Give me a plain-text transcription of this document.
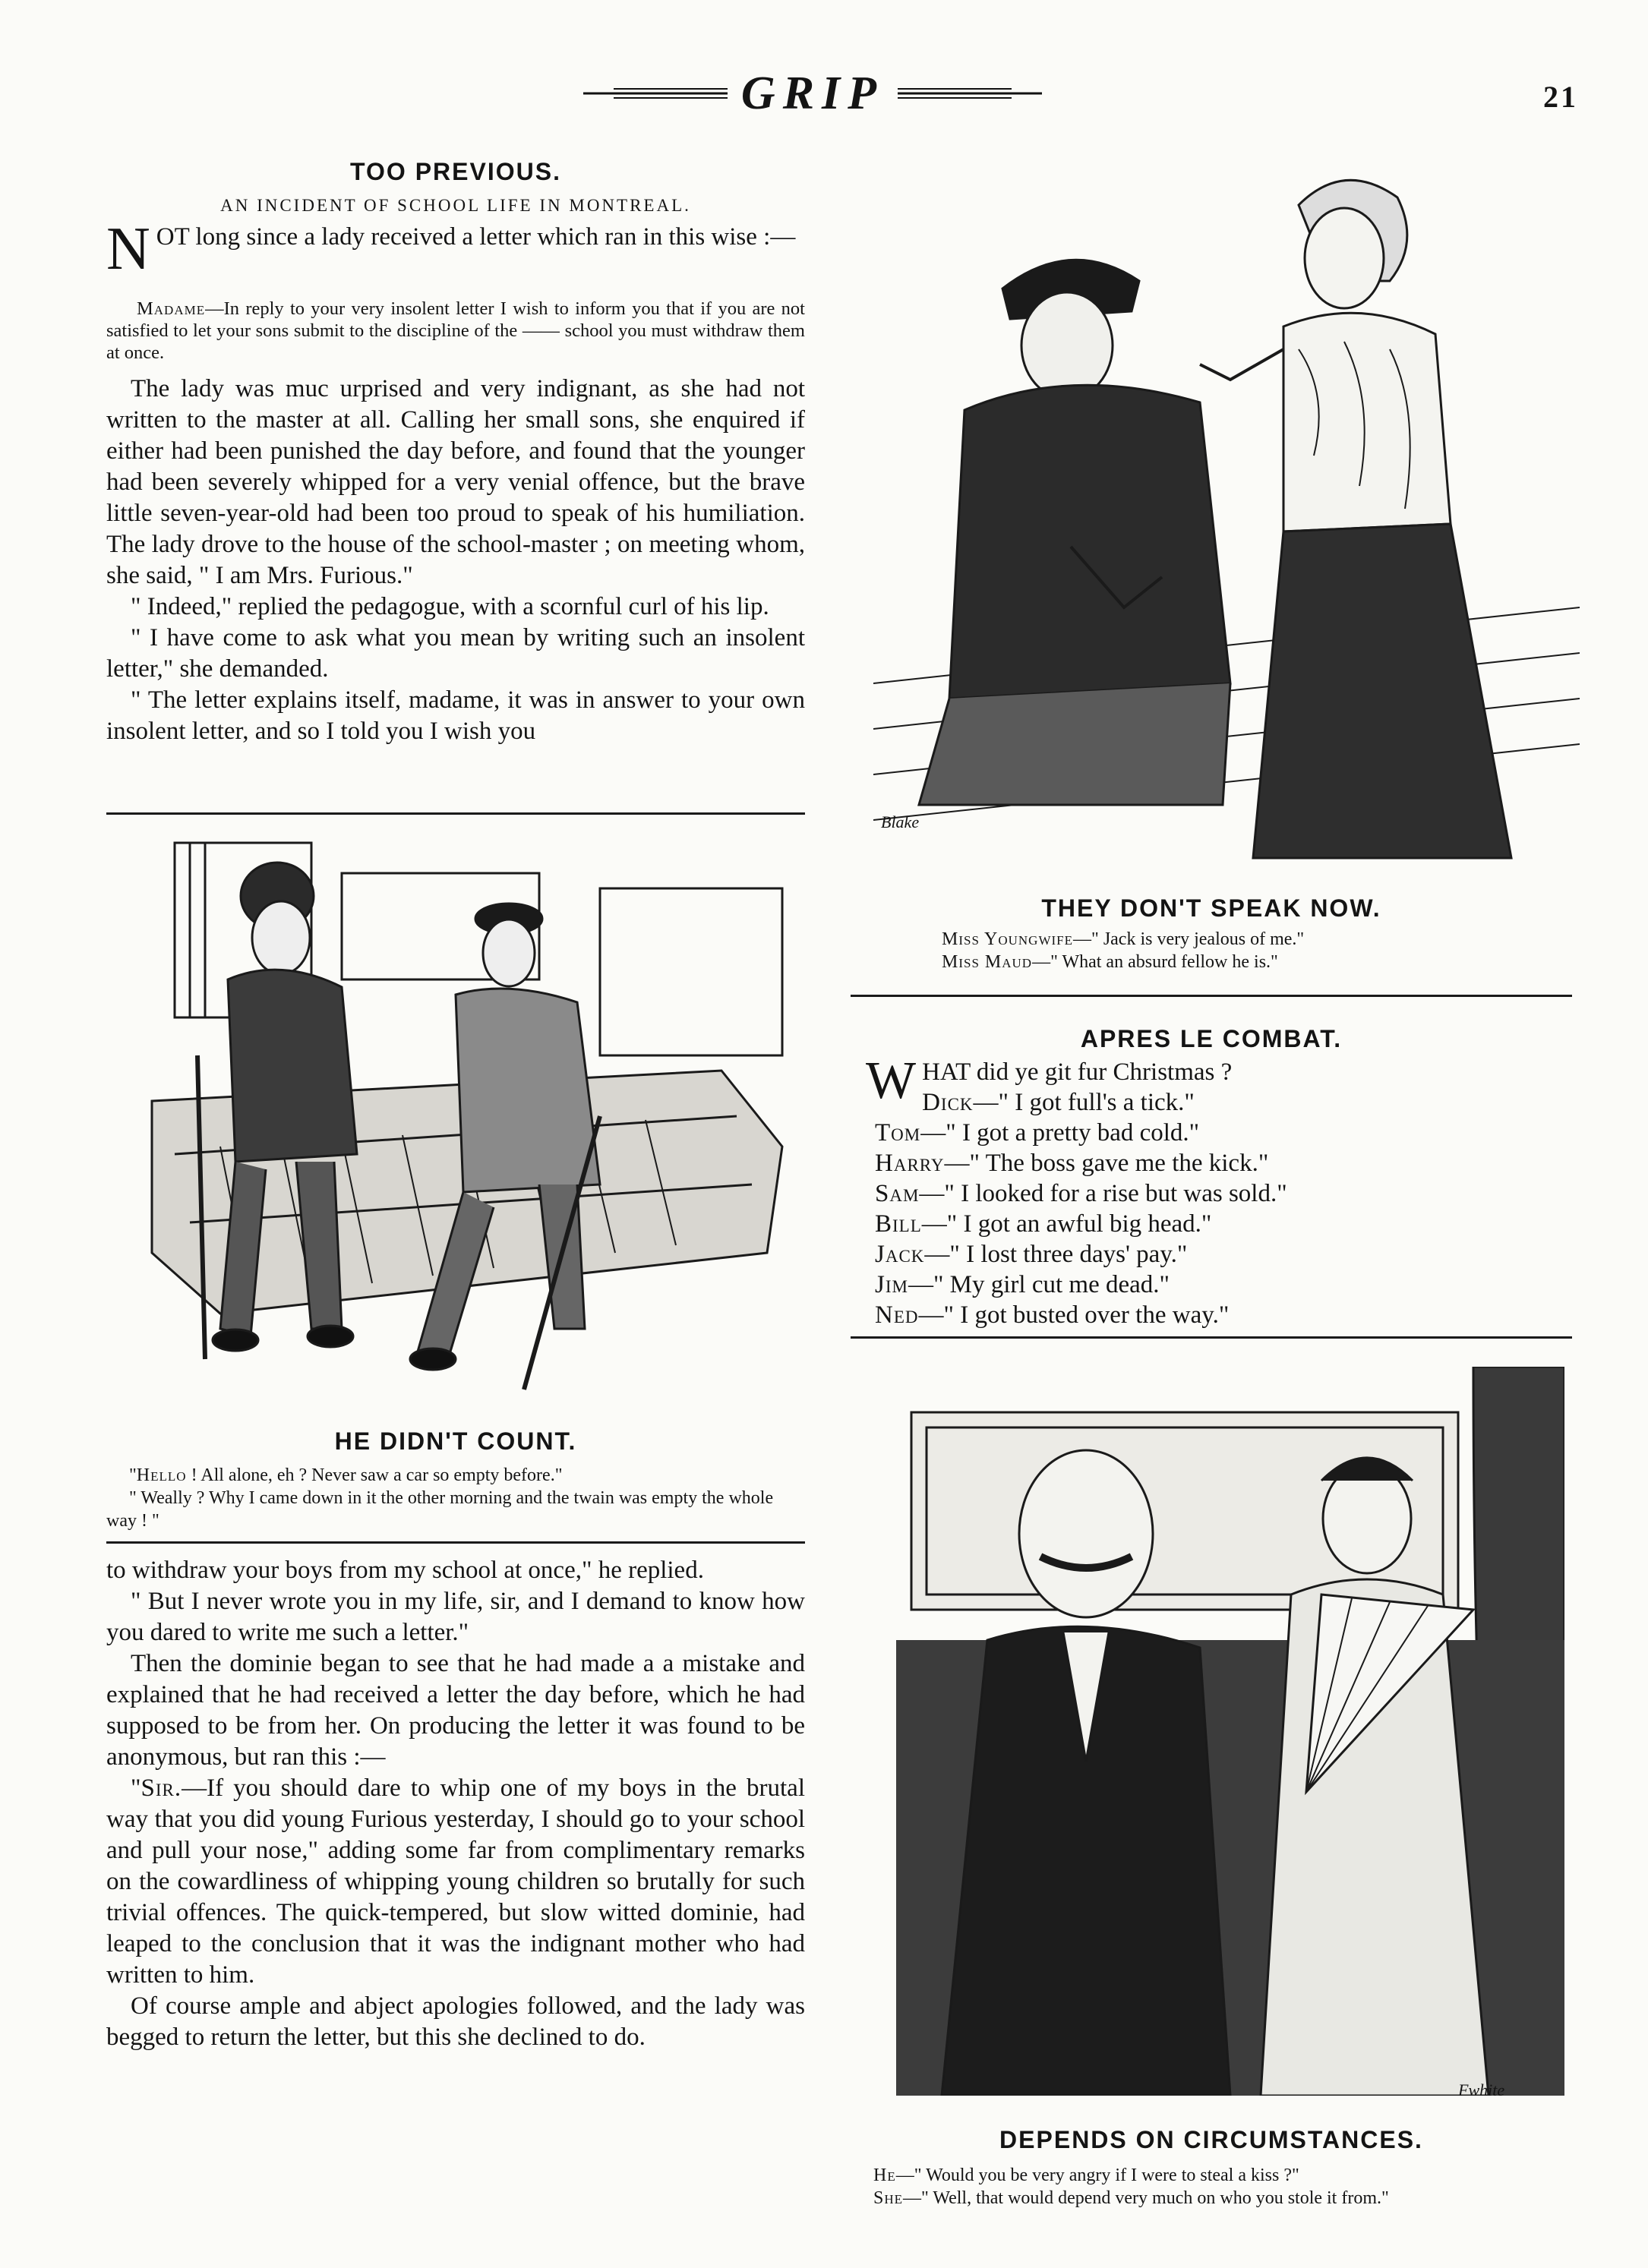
GRIP	21
TOO PREVIOUS.
AN INCIDENT OF SCHOOL LIFE IN MONTREAL.
N OT long since a lady received a letter which ran in this wise :—

Madame—In reply to your very insolent letter I wish to inform you that if you are not satisfied to let your sons submit to the discipline of the —— school you must withdraw them at once.

The lady was muc urprised and very indignant, as she had not written to the master at all. Calling her small sons, she enquired if either had been punished the day before, and found that the younger had been severely whipped for a very venial offence, but the brave little seven-year-old had been too proud to speak of his humiliation. The lady drove to the house of the school-master ; on meeting whom, she said, " I am Mrs. Furious."

" Indeed," replied the pedagogue, with a scornful curl of his lip.

" I have come to ask what you mean by writing such an insolent letter," she demanded.

" The letter explains itself, madame, it was in answer to your own insolent letter, and so I told you I wish you

HE DIDN'T COUNT.

"Hello ! All alone, eh ? Never saw a car so empty before."

" Weally ? Why I came down in it the other morning and the twain was empty the whole way ! "

to withdraw your boys from my school at once," he replied.

" But I never wrote you in my life, sir, and I demand to know how you dared to write me such a letter."

Then the dominie began to see that he had made a a mistake and explained that he had received a letter the day before, which he had supposed to be from her. On producing the letter it was found to be anonymous, but ran this :—

"Sir.—If you should dare to whip one of my boys in the brutal way that you did young Furious yesterday, I should go to your school and pull your nose," adding some far from complimentary remarks on the cowardliness of whipping young children so brutally for such trivial offences. The quick-tempered, but slow witted dominie, had leaped to the conclusion that it was the indignant mother who had written to him.

Of course ample and abject apologies followed, and the lady was begged to return the letter, but this she declined to do.

Blake
THEY DON'T SPEAK NOW.
Miss Youngwife—" Jack is very jealous of me."
Miss Maud—" What an absurd fellow he is."
APRES LE COMBAT.
W HAT did ye git fur Christmas ?
Dick—" I got full's a tick."
Tom—" I got a pretty bad cold."
Harry—" The boss gave me the kick."
Sam—" I looked for a rise but was sold."
Bill—" I got an awful big head."
Jack—" I lost three days' pay."
Jim—" My girl cut me dead."
Ned—" I got busted over the way."
Fwhite
DEPENDS ON CIRCUMSTANCES.

He—" Would you be very angry if I were to steal a kiss ?"

She—" Well, that would depend very much on who you stole it from."
